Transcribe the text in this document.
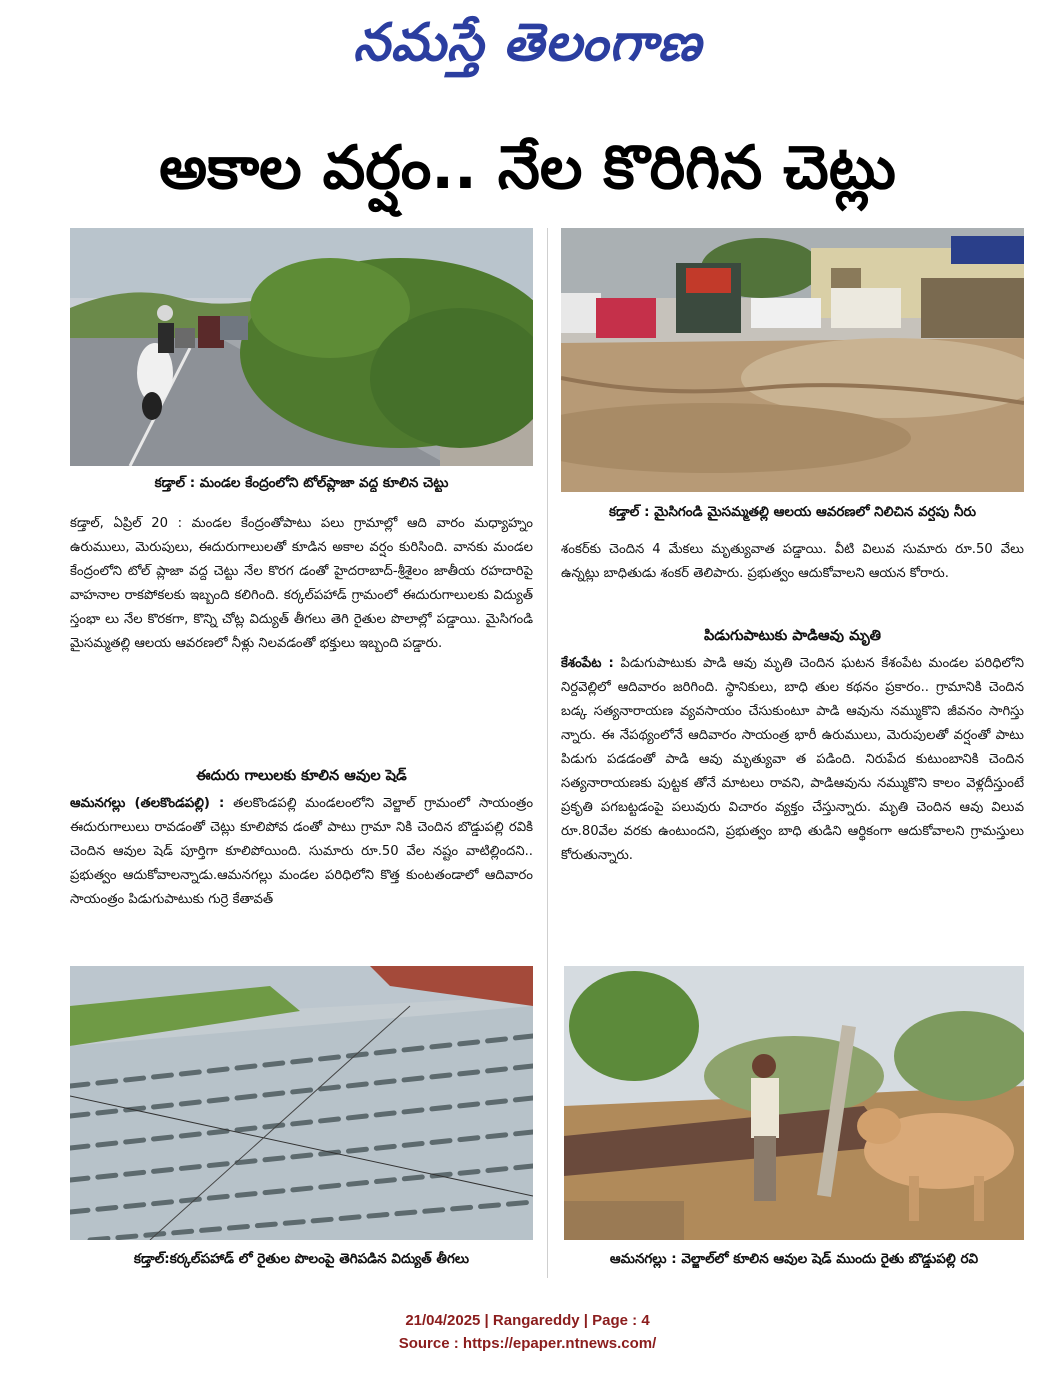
నమస్తే తెలంగాణ
అకాల వర్షం.. నేల కొరిగిన చెట్లు
కడ్తాల్ : మండల కేంద్రంలోని టోల్‌ప్లాజా వద్ద కూలిన చెట్టు
కడ్తాల్ : మైసిగండి మైసమ్మతల్లి ఆలయ ఆవరణలో నిలిచిన వర్షపు నీరు

కడ్తాల్, ఏప్రిల్ 20 : మండల కేంద్రంతోపాటు పలు గ్రామాల్లో ఆది వారం మధ్యాహ్నం ఉరుములు, మెరుపులు, ఈదురుగాలులతో కూడిన అకాల వర్షం కురిసింది. వానకు మండల కేంద్రంలోని టోల్ ప్లాజా వద్ద చెట్టు నేల కొరగ డంతో హైదరాబాద్-శ్రీశైలం జాతీయ రహదారిపై వాహనాల రాకపోకలకు ఇబ్బంది కలిగింది. కర్కల్‌పహాడ్ గ్రామంలో ఈదురుగాలులకు విద్యుత్ స్తంభా లు నేల కొరకగా, కొన్ని చోట్ల విద్యుత్ తీగలు తెగి రైతుల పొలాల్లో పడ్డాయి. మైసిగండి మైసమ్మతల్లి ఆలయ ఆవరణలో నీళ్లు నిలవడంతో భక్తులు ఇబ్బంది పడ్డారు.

ఈదురు గాలులకు కూలిన ఆవుల షెడ్

ఆమనగల్లు (తలకొండపల్లి) : తలకొండపల్లి మండలంలోని వెల్జాల్ గ్రామంలో సాయంత్రం ఈదురుగాలులు రావడంతో చెట్లు కూలిపోవ డంతో పాటు గ్రామా నికి చెందిన బొడ్డుపల్లి రవికి చెందిన ఆవుల షెడ్ పూర్తిగా కూలిపోయింది. సుమారు రూ.50 వేల నష్టం వాటిల్లిందని.. ప్రభుత్వం ఆదుకోవాలన్నాడు.ఆమనగల్లు మండల పరిధిలోని కొత్త కుంటతండాలో ఆదివారం సాయంత్రం పిడుగుపాటుకు గుర్రె కేతావత్

శంకర్‌కు చెందిన 4 మేకలు మృత్యువాత పడ్డాయి. వీటి విలువ సుమారు రూ.50 వేలు ఉన్నట్లు బాధితుడు శంకర్ తెలిపారు. ప్రభుత్వం ఆదుకోవాలని ఆయన కోరారు.

పిడుగుపాటుకు పాడిఆవు మృతి

కేశంపేట : పిడుగుపాటుకు పాడి ఆవు మృతి చెందిన ఘటన కేశంపేట మండల పరిధిలోని నిర్దవెల్లిలో ఆదివారం జరిగింది. స్థానికులు, బాధి తుల కథనం ప్రకారం.. గ్రామానికి చెందిన బడ్క సత్యనారాయణ వ్యవసాయం చేసుకుంటూ పాడి ఆవును నమ్ముకొని జీవనం సాగిస్తు న్నారు. ఈ నేపథ్యంలోనే ఆదివారం సాయంత్ర భారీ ఉరుములు, మెరుపులతో వర్షంతో పాటు పిడుగు పడడంతో పాడి ఆవు మృత్యువా త పడింది. నిరుపేద కుటుంబానికి చెందిన సత్యనారాయణకు పుట్టక తోనే మాటలు రావని, పాడిఆవును నమ్ముకొని కాలం వెళ్లదీస్తుంటే ప్రకృతి పగబట్టడంపై పలువురు విచారం వ్యక్తం చేస్తున్నారు. మృతి చెందిన ఆవు విలువ రూ.80వేల వరకు ఉంటుందని, ప్రభుత్వం బాధి తుడిని ఆర్థికంగా ఆదుకోవాలని గ్రామస్తులు కోరుతున్నారు.

కడ్తాల్:కర్కల్‌పహాడ్ లో రైతుల పొలంపై తెగిపడిన విద్యుత్ తీగలు	ఆమనగల్లు : వెల్జాల్‌లో కూలిన ఆవుల షెడ్ ముందు రైతు బొడ్డుపల్లి రవి
21/04/2025 | Rangareddy | Page : 4
Source : https://epaper.ntnews.com/
